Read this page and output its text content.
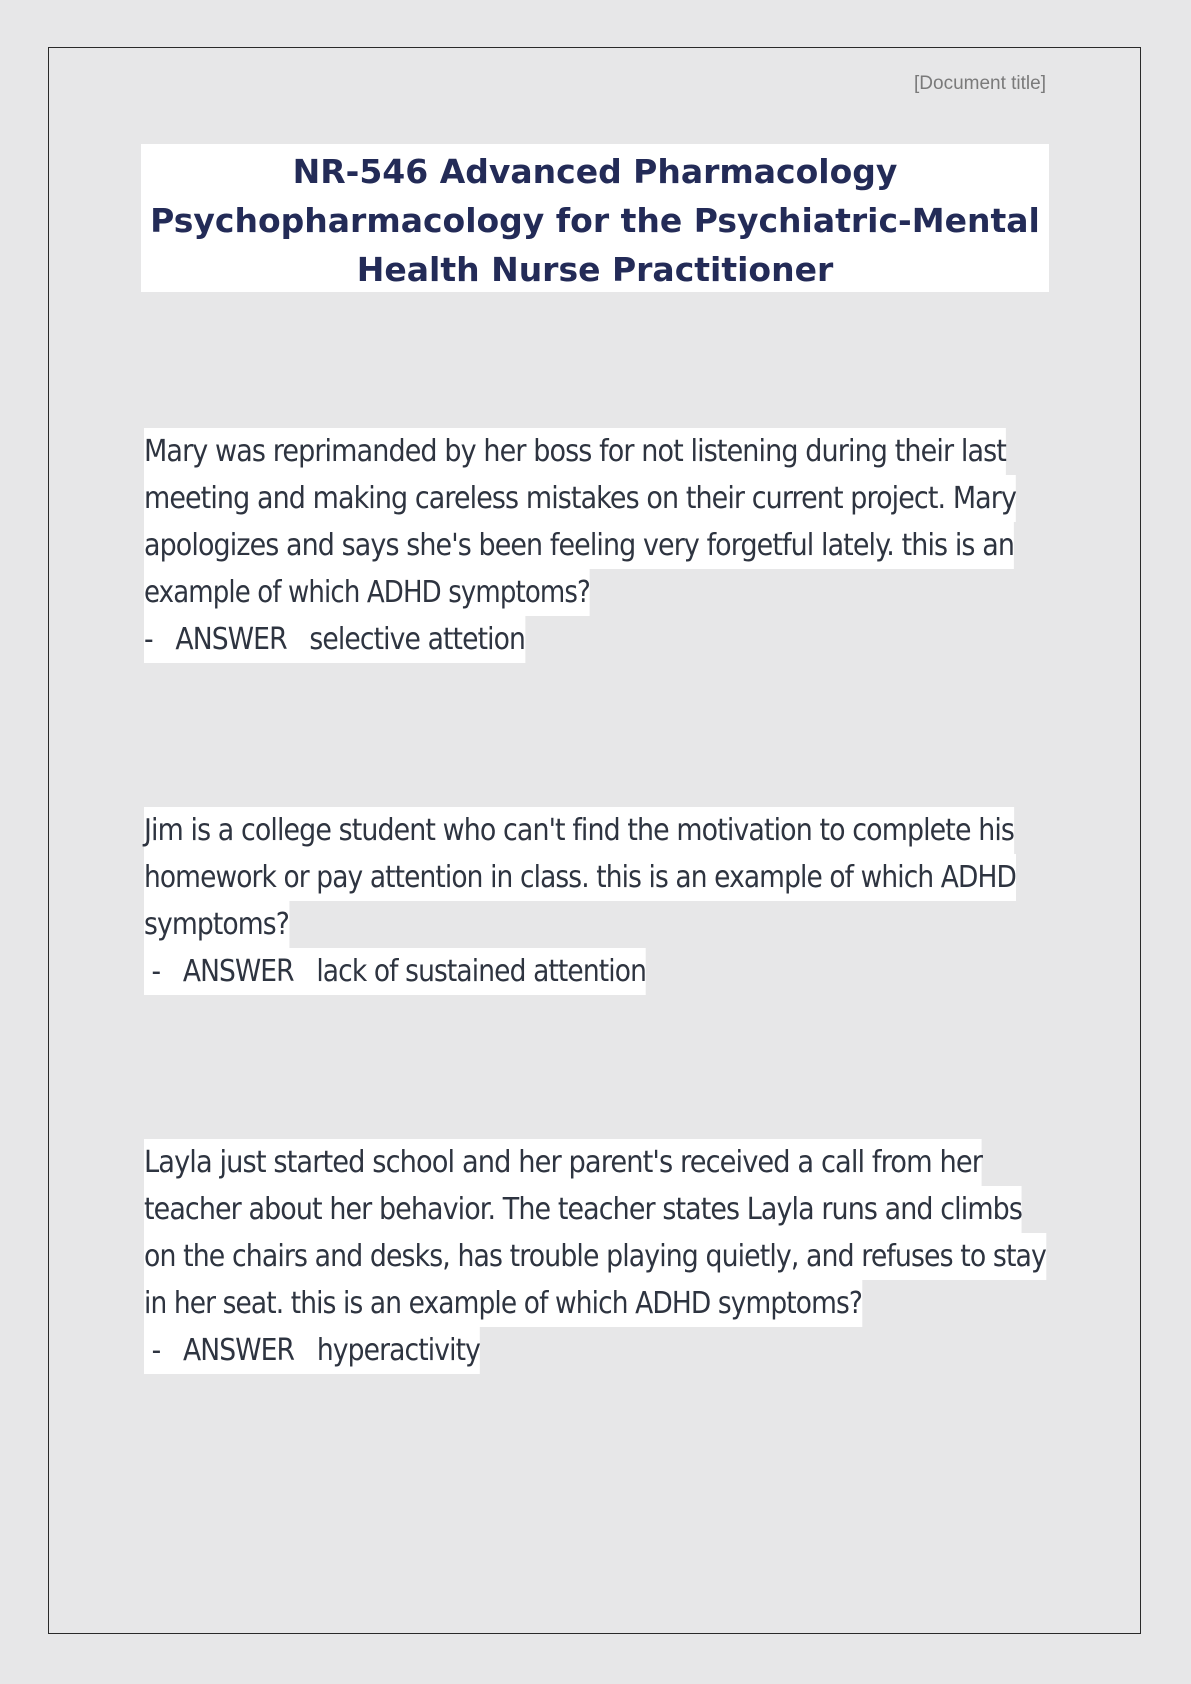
[Document title]
NR-546 Advanced Pharmacology
Psychopharmacology for the Psychiatric-Mental
Health Nurse Practitioner
Mary was reprimanded by her boss for not listening during their last
meeting and making careless mistakes on their current project. Mary
apologizes and says she's been feeling very forgetful lately. this is an
example of which ADHD symptoms?
- ANSWER selective attetion
Jim is a college student who can't find the motivation to complete his
homework or pay attention in class. this is an example of which ADHD
symptoms?
- ANSWER lack of sustained attention
Layla just started school and her parent's received a call from her
teacher about her behavior. The teacher states Layla runs and climbs
on the chairs and desks, has trouble playing quietly, and refuses to stay
in her seat. this is an example of which ADHD symptoms?
- ANSWER hyperactivity
